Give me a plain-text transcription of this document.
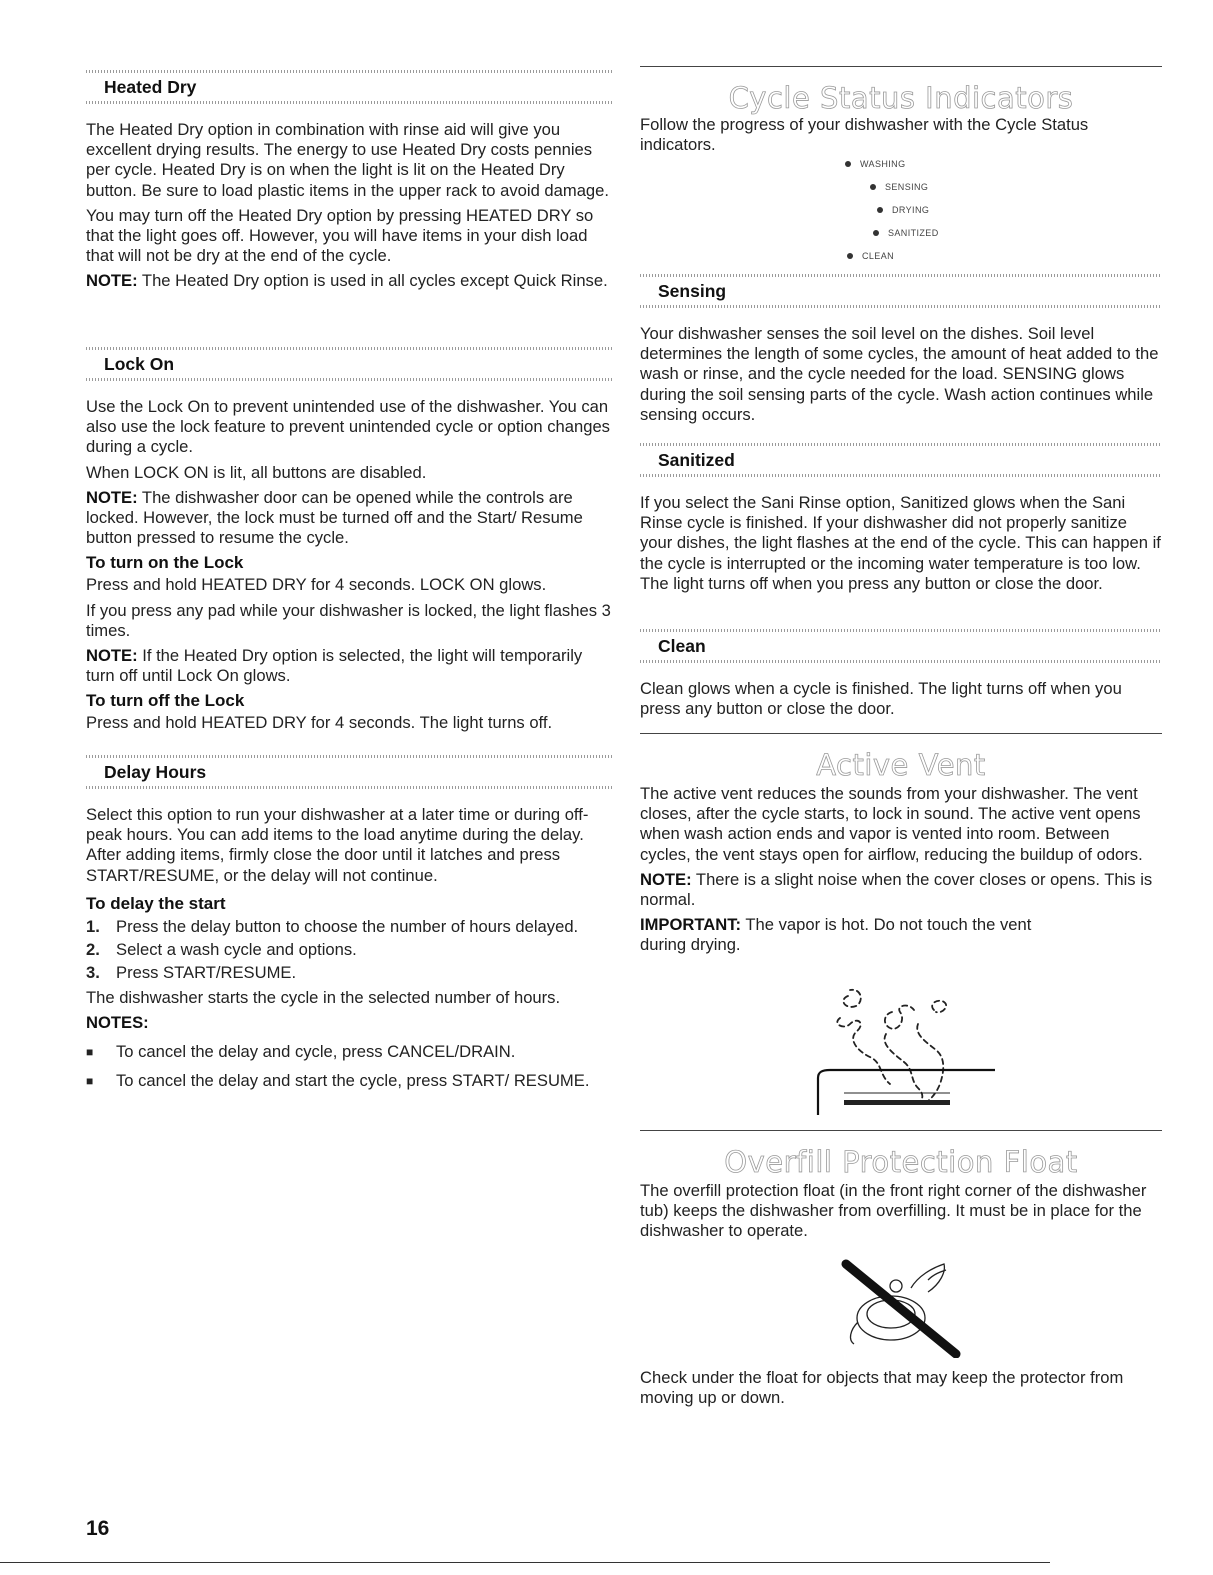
Heated Dry

The Heated Dry option in combination with rinse aid will give you excellent drying results. The energy to use Heated Dry costs pennies per cycle. Heated Dry is on when the light is lit on the Heated Dry button. Be sure to load plastic items in the upper rack to avoid damage.

You may turn off the Heated Dry option by pressing HEATED DRY so that the light goes off. However, you will have items in your dish load that will not be dry at the end of the cycle.

NOTE: The Heated Dry option is used in all cycles except Quick Rinse.

Lock On

Use the Lock On to prevent unintended use of the dishwasher. You can also use the lock feature to prevent unintended cycle or option changes during a cycle.

When LOCK ON is lit, all buttons are disabled.

NOTE: The dishwasher door can be opened while the controls are locked. However, the lock must be turned off and the Start/ Resume button pressed to resume the cycle.

To turn on the Lock

Press and hold HEATED DRY for 4 seconds. LOCK ON glows.

If you press any pad while your dishwasher is locked, the light flashes 3 times.

NOTE: If the Heated Dry option is selected, the light will temporarily turn off until Lock On glows.

To turn off the Lock

Press and hold HEATED DRY for 4 seconds. The light turns off.

Delay Hours

Select this option to run your dishwasher at a later time or during off-peak hours. You can add items to the load anytime during the delay. After adding items, firmly close the door until it latches and press START/RESUME, or the delay will not continue.

To delay the start
1. Press the delay button to choose the number of hours delayed.
2. Select a wash cycle and options.
3. Press START/RESUME.

The dishwasher starts the cycle in the selected number of hours.

NOTES:
■	To cancel the delay and cycle, press CANCEL/DRAIN.
■	To cancel the delay and start the cycle, press START/ RESUME.
Cycle Status Indicators

Follow the progress of your dishwasher with the Cycle Status indicators.

WASHING
SENSING
DRYING
SANITIZED
CLEAN
Sensing

Your dishwasher senses the soil level on the dishes. Soil level determines the length of some cycles, the amount of heat added to the wash or rinse, and the cycle needed for the load. SENSING glows during the soil sensing parts of the cycle. Wash action continues while sensing occurs.

Sanitized

If you select the Sani Rinse option, Sanitized glows when the Sani Rinse cycle is finished. If your dishwasher did not properly sanitize your dishes, the light flashes at the end of the cycle. This can happen if the cycle is interrupted or the incoming water temperature is too low. The light turns off when you press any button or close the door.

Clean

Clean glows when a cycle is finished. The light turns off when you press any button or close the door.

Active Vent

The active vent reduces the sounds from your dishwasher. The vent closes, after the cycle starts, to lock in sound. The active vent opens when wash action ends and vapor is vented into room. Between cycles, the vent stays open for airflow, reducing the buildup of odors.

NOTE: There is a slight noise when the cover closes or opens. This is normal.

IMPORTANT: The vapor is hot. Do not touch the vent during drying.

Overfill Protection Float

The overfill protection float (in the front right corner of the dishwasher tub) keeps the dishwasher from overfilling. It must be in place for the dishwasher to operate.

Check under the float for objects that may keep the protector from moving up or down.

16
